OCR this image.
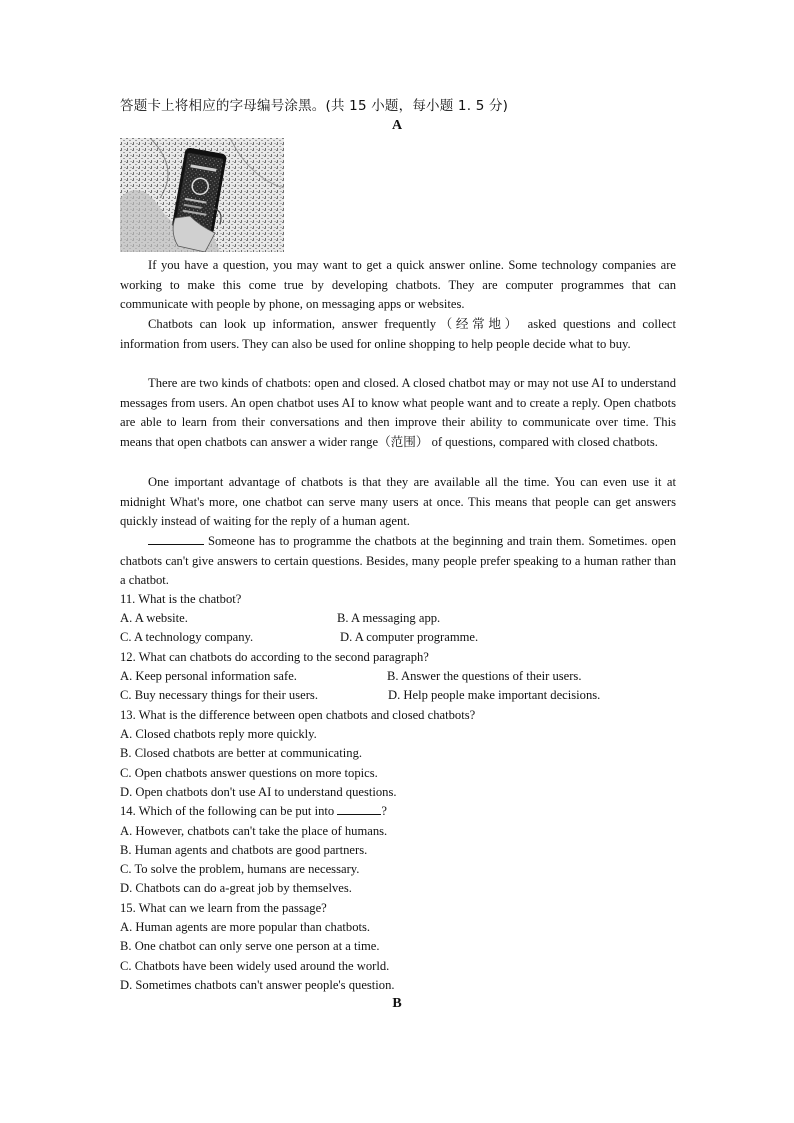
答题卡上将相应的字母编号涂黑。(共 15 小题，每小题 1. 5 分)
A
If you have a question, you may want to get a quick answer online. Some technology companies are working to make this come true by developing chatbots. They are computer programmes that can communicate with people by phone, on messaging apps or websites.
Chatbots can look up information, answer frequently（经常地） asked questions and collect information from users. They can also be used for online shopping to help people decide what to buy.
There are two kinds of chatbots: open and closed. A closed chatbot may or may not use AI to understand messages from users. An open chatbot uses AI to know what people want and to create a reply. Open chatbots are able to learn from their conversations and then improve their ability to communicate over time. This means that open chatbots can answer a wider range（范围） of questions, compared with closed chatbots.
One important advantage of chatbots is that they are available all the time. You can even use it at midnight What's more, one chatbot can serve many users at once. This means that people can get answers quickly instead of waiting for the reply of a human agent.
Someone has to programme the chatbots at the beginning and train them. Sometimes. open chatbots can't give answers to certain questions. Besides, many people prefer speaking to a human rather than a chatbot.
11. What is the chatbot?
A. A website.	B. A messaging app.
C. A technology company.	D. A computer programme.
12. What can chatbots do according to the second paragraph?
A. Keep personal information safe.	B. Answer the questions of their users.
C. Buy necessary things for their users.	D. Help people make important decisions.
13. What is the difference between open chatbots and closed chatbots?
A. Closed chatbots reply more quickly.
B. Closed chatbots are better at communicating.
C. Open chatbots answer questions on more topics.
D. Open chatbots don't use AI to understand questions.
14. Which of the following can be put into	?
A. However, chatbots can't take the place of humans.
B. Human agents and chatbots are good partners.
C. To solve the problem, humans are necessary.
D. Chatbots can do a-great job by themselves.
15. What can we learn from the passage?
A. Human agents are more popular than chatbots.
B. One chatbot can only serve one person at a time.
C. Chatbots have been widely used around the world.
D. Sometimes chatbots can't answer people's question.
B
